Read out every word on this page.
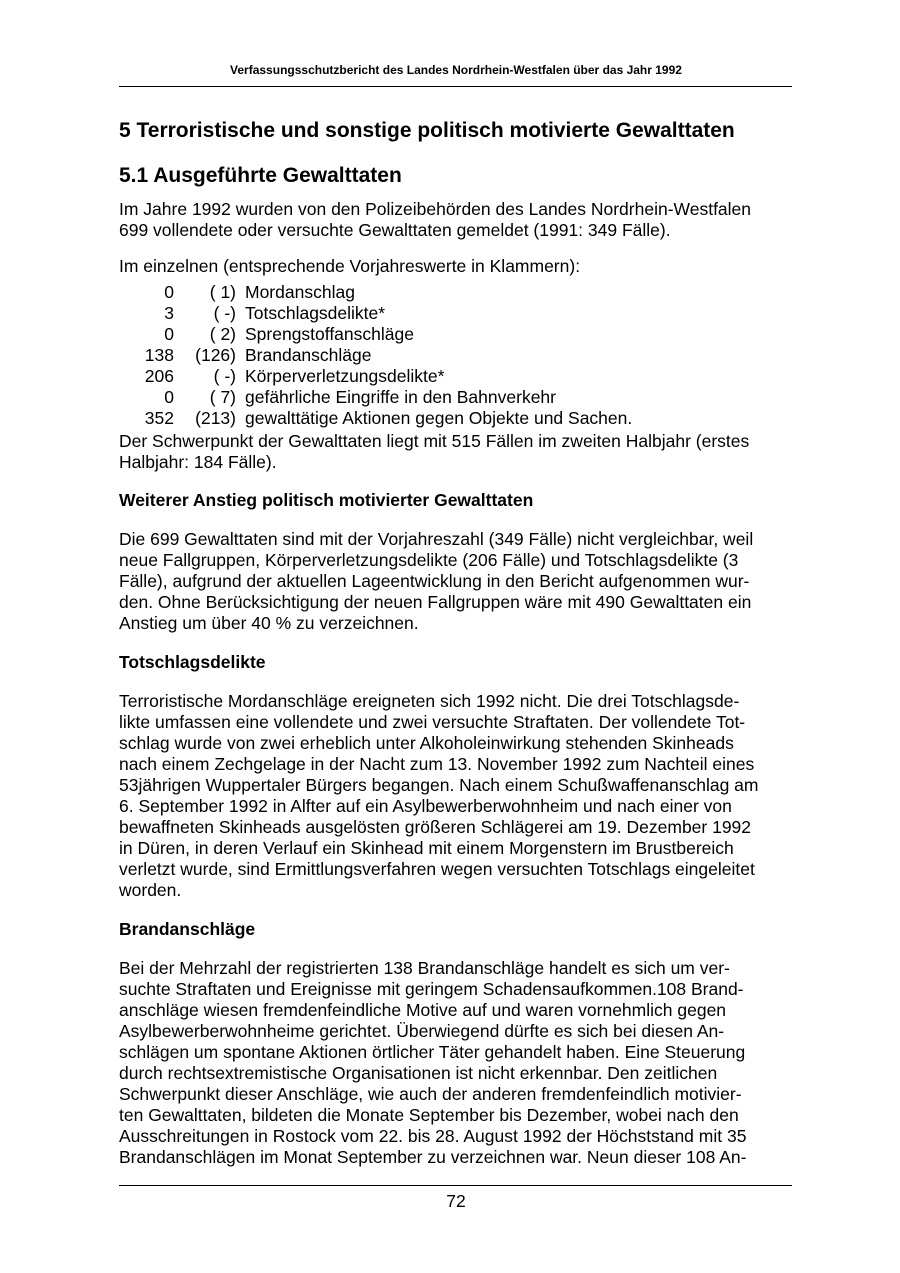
Verfassungsschutzbericht des Landes Nordrhein-Westfalen über das Jahr 1992
5 Terroristische und sonstige politisch motivierte Gewalttaten
5.1 Ausgeführte Gewalttaten
Im Jahre 1992 wurden von den Polizeibehörden des Landes Nordrhein-Westfalen
699 vollendete oder versuchte Gewalttaten gemeldet (1991: 349 Fälle).
Im einzelnen (entsprechende Vorjahreswerte in Klammern):
0	( 1) Mordanschlag
3	( -) Totschlagsdelikte*
0	( 2) Sprengstoffanschläge
138	(126) Brandanschläge
206	( -) Körperverletzungsdelikte*
0	( 7) gefährliche Eingriffe in den Bahnverkehr
352	(213) gewalttätige Aktionen gegen Objekte und Sachen.
Der Schwerpunkt der Gewalttaten liegt mit 515 Fällen im zweiten Halbjahr (erstes
Halbjahr: 184 Fälle).
Weiterer Anstieg politisch motivierter Gewalttaten
Die 699 Gewalttaten sind mit der Vorjahreszahl (349 Fälle) nicht vergleichbar, weil
neue Fallgruppen, Körperverletzungsdelikte (206 Fälle) und Totschlagsdelikte (3
Fälle), aufgrund der aktuellen Lageentwicklung in den Bericht aufgenommen wur-
den. Ohne Berücksichtigung der neuen Fallgruppen wäre mit 490 Gewalttaten ein
Anstieg um über 40 % zu verzeichnen.
Totschlagsdelikte
Terroristische Mordanschläge ereigneten sich 1992 nicht. Die drei Totschlagsde-
likte umfassen eine vollendete und zwei versuchte Straftaten. Der vollendete Tot-
schlag wurde von zwei erheblich unter Alkoholeinwirkung stehenden Skinheads
nach einem Zechgelage in der Nacht zum 13. November 1992 zum Nachteil eines
53jährigen Wuppertaler Bürgers begangen. Nach einem Schußwaffenanschlag am
6. September 1992 in Alfter auf ein Asylbewerberwohnheim und nach einer von
bewaffneten Skinheads ausgelösten größeren Schlägerei am 19. Dezember 1992
in Düren, in deren Verlauf ein Skinhead mit einem Morgenstern im Brustbereich
verletzt wurde, sind Ermittlungsverfahren wegen versuchten Totschlags eingeleitet
worden.
Brandanschläge
Bei der Mehrzahl der registrierten 138 Brandanschläge handelt es sich um ver-
suchte Straftaten und Ereignisse mit geringem Schadensaufkommen.108 Brand-
anschläge wiesen fremdenfeindliche Motive auf und waren vornehmlich gegen
Asylbewerberwohnheime gerichtet. Überwiegend dürfte es sich bei diesen An-
schlägen um spontane Aktionen örtlicher Täter gehandelt haben. Eine Steuerung
durch rechtsextremistische Organisationen ist nicht erkennbar. Den zeitlichen
Schwerpunkt dieser Anschläge, wie auch der anderen fremdenfeindlich motivier-
ten Gewalttaten, bildeten die Monate September bis Dezember, wobei nach den
Ausschreitungen in Rostock vom 22. bis 28. August 1992 der Höchststand mit 35
Brandanschlägen im Monat September zu verzeichnen war. Neun dieser 108 An-
72
